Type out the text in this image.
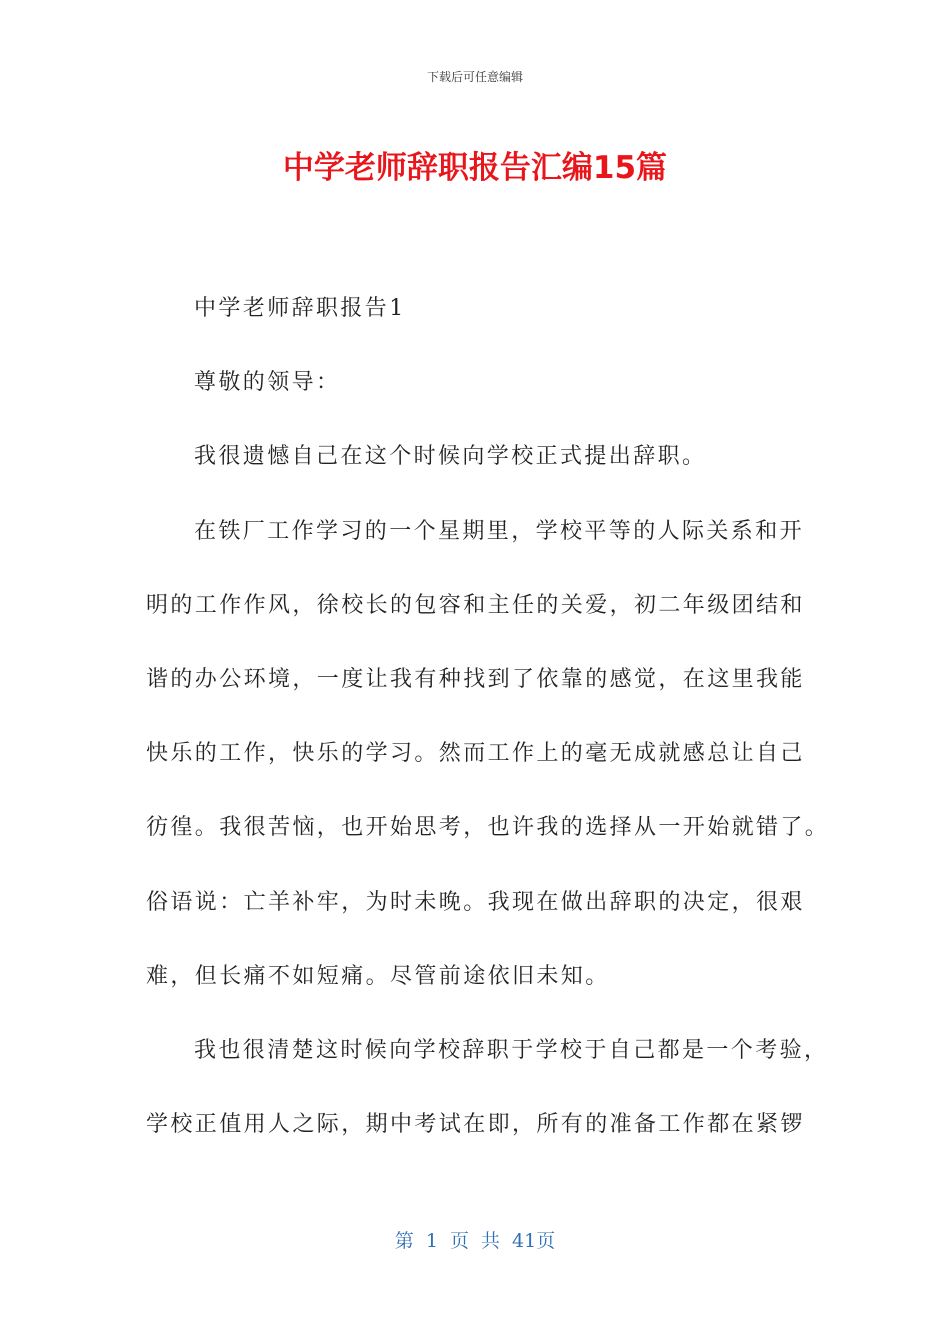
下载后可任意编辑
中学老师辞职报告汇编15篇
中学老师辞职报告1
尊敬的领导：
我很遗憾自己在这个时候向学校正式提出辞职。
在铁厂工作学习的一个星期里，学校平等的人际关系和开
明的工作作风，徐校长的包容和主任的关爱，初二年级团结和
谐的办公环境，一度让我有种找到了依靠的感觉，在这里我能
快乐的工作，快乐的学习。然而工作上的毫无成就感总让自己
彷徨。我很苦恼，也开始思考，也许我的选择从一开始就错了。
俗语说：亡羊补牢，为时未晚。我现在做出辞职的决定，很艰
难，但长痛不如短痛。尽管前途依旧未知。
我也很清楚这时候向学校辞职于学校于自己都是一个考验，
学校正值用人之际，期中考试在即，所有的准备工作都在紧锣
第 1 页 共 41页
